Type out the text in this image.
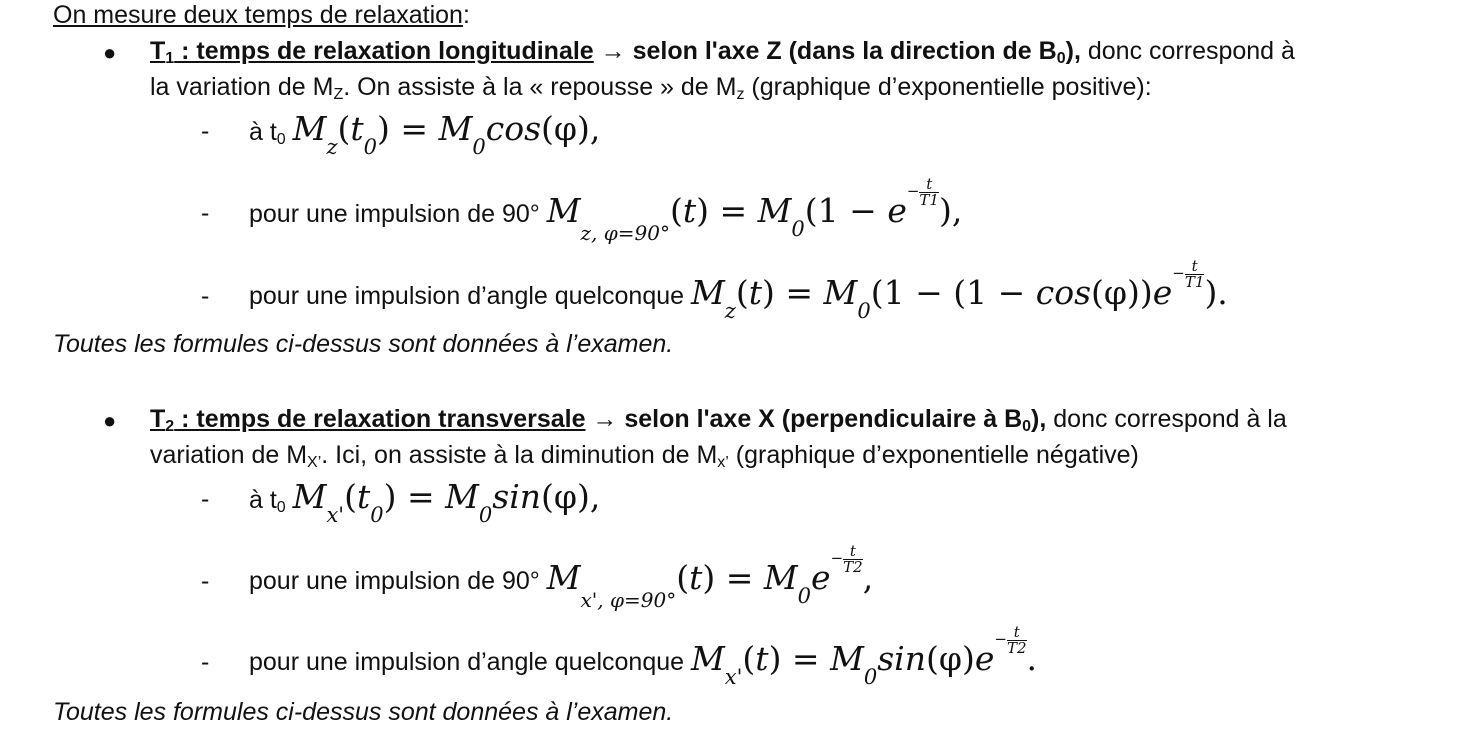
On mesure deux temps de relaxation:
● T1 : temps de relaxation longitudinale → selon l'axe Z (dans la direction de B0), donc correspond à
la variation de MZ. On assiste à la « repousse » de Mz (graphique d’exponentielle positive):
- à t0 $M_z(t_0) = M_0\cos(\varphi)$,
- pour une impulsion de 90° $M_{z, \varphi=90^\circ}(t) = M_0(1 - e- \frac{t}{T1}$ ),
- pour une impulsion d’angle quelconque $M_z(t) = M_0(1 - (1 - \cos(\varphi))e- \frac{t}{T1}$ ).
Toutes les formules ci-dessus sont données à l’examen.
● T2 : temps de relaxation transversale → selon l'axe X (perpendiculaire à B0), donc correspond à la
variation de MX’. Ici, on assiste à la diminution de Mx’ (graphique d’exponentielle négative)
- à t0 $M_{x'}(t_0) = M_0\sin(\varphi)$,
- pour une impulsion de 90° $M_{x', \varphi=90^\circ}(t) = M_0e- \frac{t}{T2}$ ,
- pour une impulsion d’angle quelconque $M_{x'}(t) = M_0\sin(\varphi)e- \frac{t}{T2}$ .
Toutes les formules ci-dessus sont données à l’examen.
